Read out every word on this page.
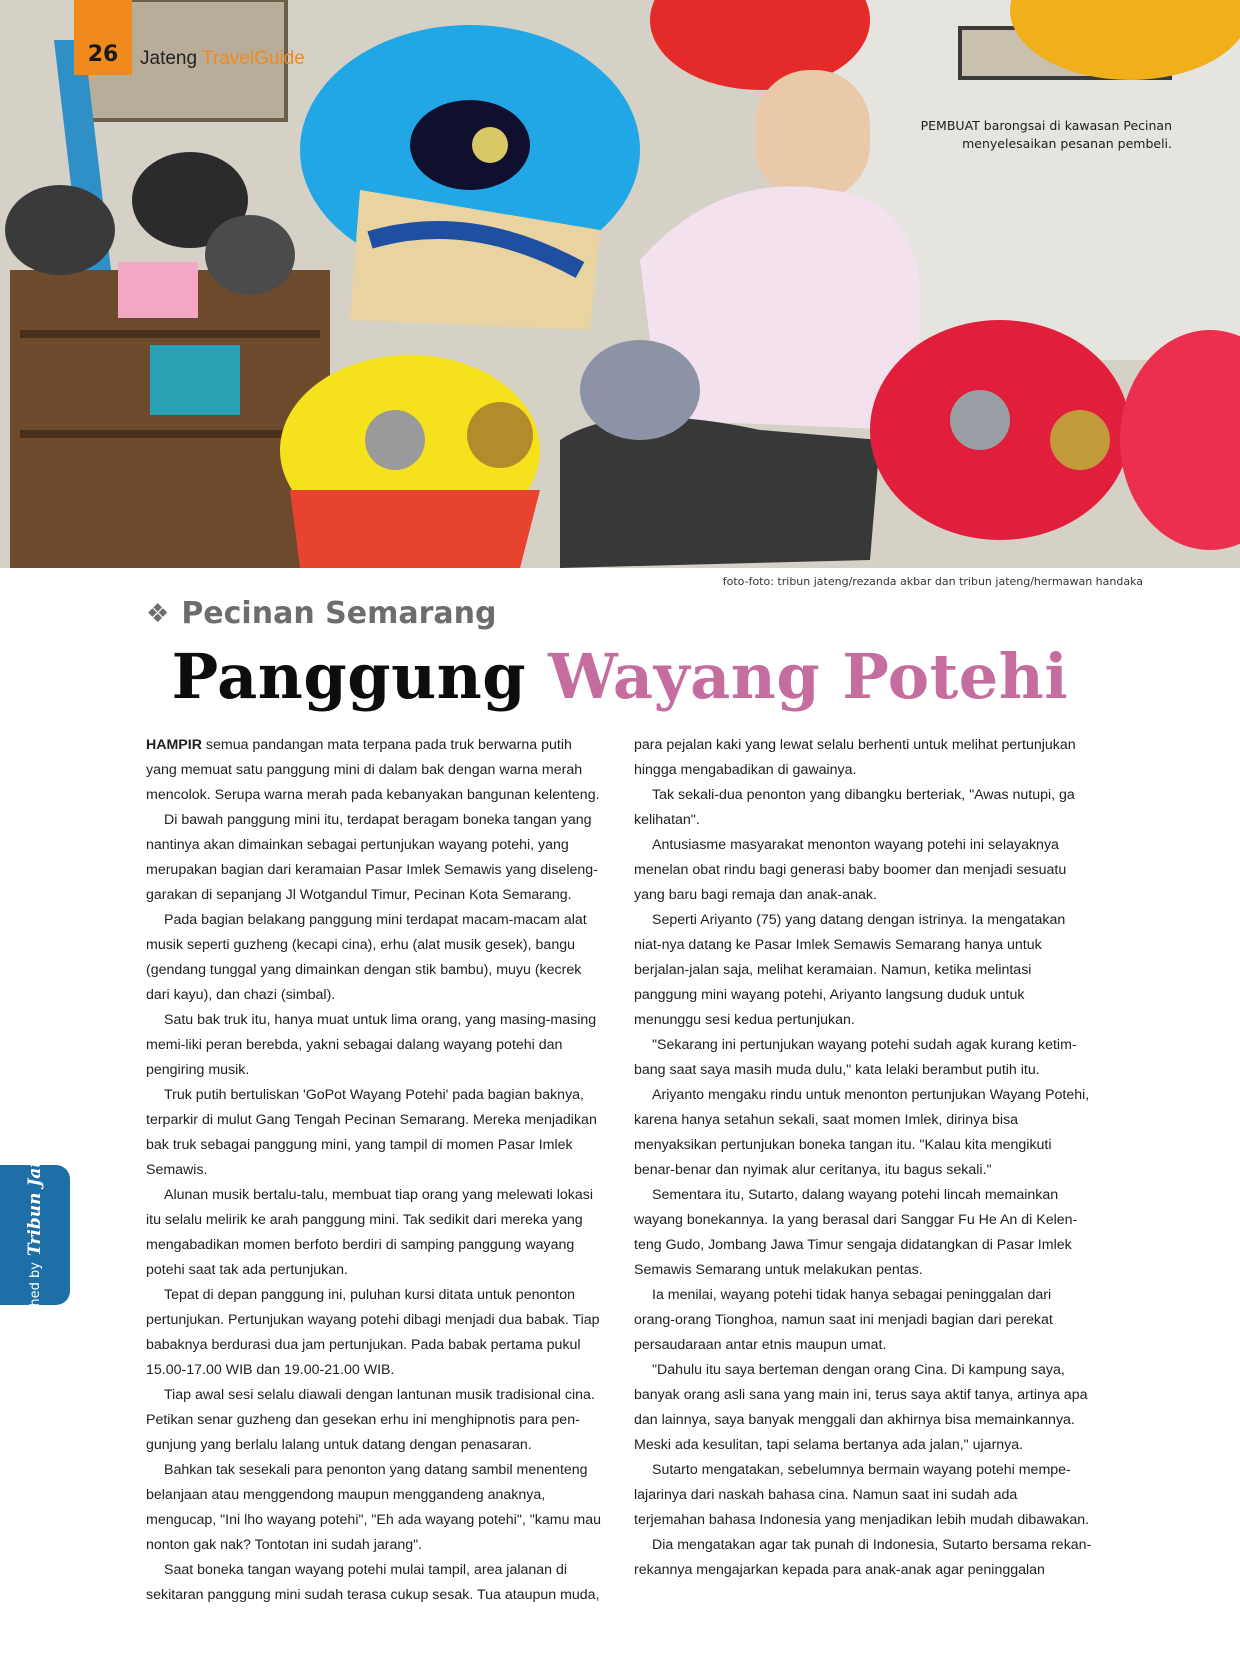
26	Jateng TravelGuide
PEMBUAT barongsai di kawasan Pecinan menyelesaikan pesanan pembeli.
foto-foto: tribun jateng/rezanda akbar dan tribun jateng/hermawan handaka
❖ Pecinan Semarang
Panggung Wayang Potehi

HAMPIR semua pandangan mata terpana pada truk berwarna putih yang memuat satu panggung mini di dalam bak dengan warna merah mencolok. Serupa warna merah pada kebanyakan bangunan kelenteng.

Di bawah panggung mini itu, terdapat beragam boneka tangan yang nantinya akan dimainkan sebagai pertunjukan wayang potehi, yang merupakan bagian dari keramaian Pasar Imlek Semawis yang diseleng-garakan di sepanjang Jl Wotgandul Timur, Pecinan Kota Semarang.

Pada bagian belakang panggung mini terdapat macam-macam alat musik seperti guzheng (kecapi cina), erhu (alat musik gesek), bangu (gendang tunggal yang dimainkan dengan stik bambu), muyu (kecrek dari kayu), dan chazi (simbal).

Satu bak truk itu, hanya muat untuk lima orang, yang masing-masing memi-liki peran berebda, yakni sebagai dalang wayang potehi dan pengiring musik.

Truk putih bertuliskan 'GoPot Wayang Potehi' pada bagian baknya, terparkir di mulut Gang Tengah Pecinan Semarang. Mereka menjadikan bak truk sebagai panggung mini, yang tampil di momen Pasar Imlek Semawis.

Alunan musik bertalu-talu, membuat tiap orang yang melewati lokasi itu selalu melirik ke arah panggung mini. Tak sedikit dari mereka yang mengabadikan momen berfoto berdiri di samping panggung wayang potehi saat tak ada pertunjukan.

Tepat di depan panggung ini, puluhan kursi ditata untuk penonton pertunjukan. Pertunjukan wayang potehi dibagi menjadi dua babak. Tiap babaknya berdurasi dua jam pertunjukan. Pada babak pertama pukul 15.00-17.00 WIB dan 19.00-21.00 WIB.

Tiap awal sesi selalu diawali dengan lantunan musik tradisional cina. Petikan senar guzheng dan gesekan erhu ini menghipnotis para pen-gunjung yang berlalu lalang untuk datang dengan penasaran.

Bahkan tak sesekali para penonton yang datang sambil menenteng belanjaan atau menggendong maupun menggandeng anaknya, mengucap, "Ini lho wayang potehi", "Eh ada wayang potehi", "kamu mau nonton gak nak? Tontotan ini sudah jarang".

Saat boneka tangan wayang potehi mulai tampil, area jalanan di sekitaran panggung mini sudah terasa cukup sesak. Tua ataupun muda,

para pejalan kaki yang lewat selalu berhenti untuk melihat pertunjukan hingga mengabadikan di gawainya.

Tak sekali-dua penonton yang dibangku berteriak, "Awas nutupi, ga kelihatan".

Antusiasme masyarakat menonton wayang potehi ini selayaknya menelan obat rindu bagi generasi baby boomer dan menjadi sesuatu yang baru bagi remaja dan anak-anak.

Seperti Ariyanto (75) yang datang dengan istrinya. Ia mengatakan niat-nya datang ke Pasar Imlek Semawis Semarang hanya untuk berjalan-jalan saja, melihat keramaian. Namun, ketika melintasi panggung mini wayang potehi, Ariyanto langsung duduk untuk menunggu sesi kedua pertunjukan.

"Sekarang ini pertunjukan wayang potehi sudah agak kurang ketim-bang saat saya masih muda dulu," kata lelaki berambut putih itu.

Ariyanto mengaku rindu untuk menonton pertunjukan Wayang Potehi, karena hanya setahun sekali, saat momen Imlek, dirinya bisa menyaksikan pertunjukan boneka tangan itu. "Kalau kita mengikuti benar-benar dan nyimak alur ceritanya, itu bagus sekali."

Sementara itu, Sutarto, dalang wayang potehi lincah memainkan wayang bonekannya. Ia yang berasal dari Sanggar Fu He An di Kelen-teng Gudo, Jombang Jawa Timur sengaja didatangkan di Pasar Imlek Semawis Semarang untuk melakukan pentas.

Ia menilai, wayang potehi tidak hanya sebagai peninggalan dari orang-orang Tionghoa, namun saat ini menjadi bagian dari perekat persaudaraan antar etnis maupun umat.

"Dahulu itu saya berteman dengan orang Cina. Di kampung saya, banyak orang asli sana yang main ini, terus saya aktif tanya, artinya apa dan lainnya, saya banyak menggali dan akhirnya bisa memainkannya. Meski ada kesulitan, tapi selama bertanya ada jalan," ujarnya.

Sutarto mengatakan, sebelumnya bermain wayang potehi mempe-lajarinya dari naskah bahasa cina. Namun saat ini sudah ada terjemahan bahasa Indonesia yang menjadikan lebih mudah dibawakan.

Dia mengatakan agar tak punah di Indonesia, Sutarto bersama rekan-rekannya mengajarkan kepada para anak-anak agar peninggalan

published by
Tribun Jateng
